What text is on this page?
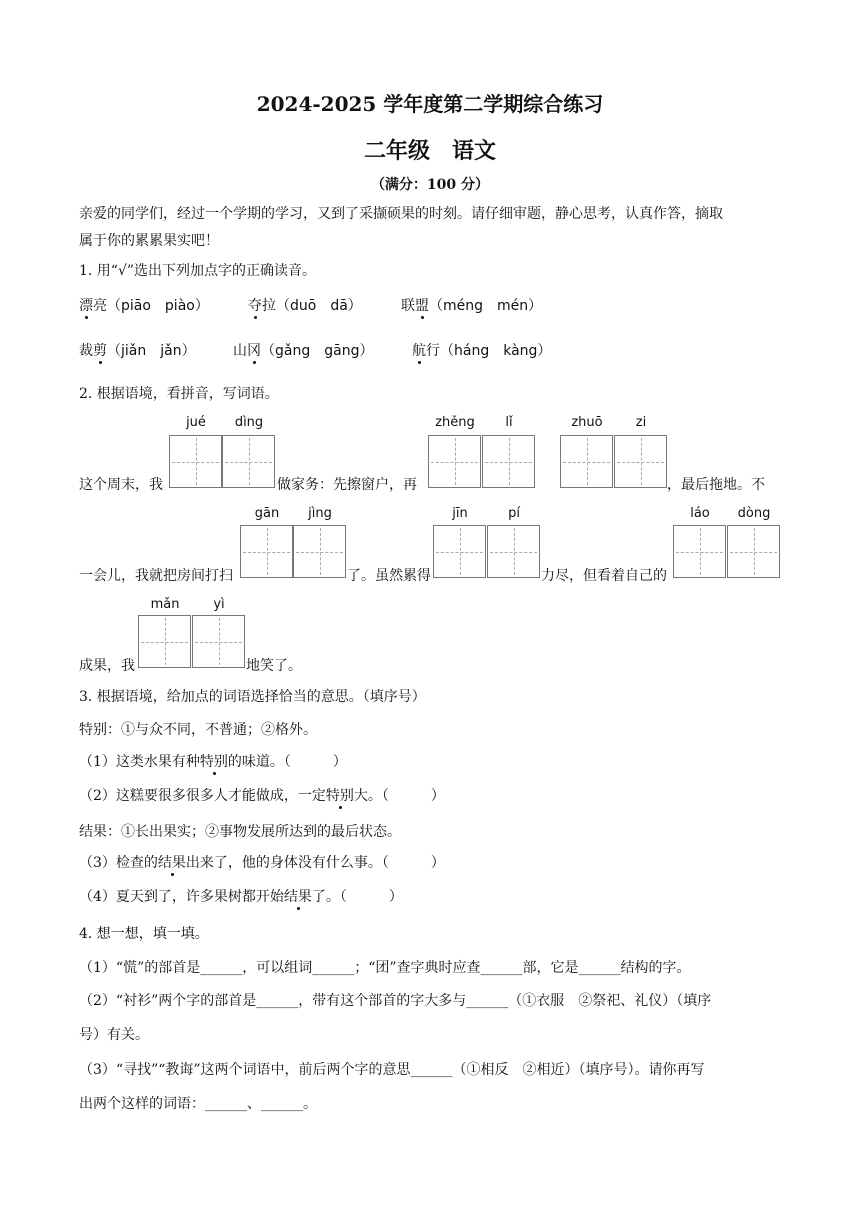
2024-2025 学年度第二学期综合练习
二年级　语文
（满分：100 分）
亲爱的同学们，经过一个学期的学习，又到了采撷硕果的时刻。请仔细审题，静心思考，认真作答，摘取
属于你的累累果实吧！
1. 用“√”选出下列加点字的正确读音。
漂亮（piāo　piào）	夺拉（duō　dā）	联盟（méng　mén）
裁剪（jiǎn　jǎn）	山冈（gǎng　gāng）	航行（háng　kàng）
2. 根据语境，看拼音，写词语。
jué	dìng	zhěng	lǐ	zhuō	zi
这个周末，我	做家务：先擦窗户，再	，最后拖地。不
gān	jìng	jīn	pí	láo	dòng
一会儿，我就把房间打扫	了。虽然累得	力尽，但看着自己的
mǎn	yì
成果，我	地笑了。
3. 根据语境，给加点的词语选择恰当的意思。（填序号）
特别：①与众不同，不普通；②格外。
（1）这类水果有种特别的味道。（　　　）
（2）这糕要很多很多人才能做成，一定特别大。（　　　）
结果：①长出果实；②事物发展所达到的最后状态。
（3）检查的结果出来了，他的身体没有什么事。（　　　）
（4）夏天到了，许多果树都开始结果了。（　　　）
4. 想一想，填一填。
（1）“慌”的部首是______，可以组词______；“团”查字典时应查______部，它是______结构的字。
（2）“衬衫”两个字的部首是______，带有这个部首的字大多与______（①衣服　②祭祀、礼仪）（填序
号）有关。
（3）“寻找”“教诲”这两个词语中，前后两个字的意思______（①相反　②相近）（填序号）。请你再写
出两个这样的词语：______、______。
